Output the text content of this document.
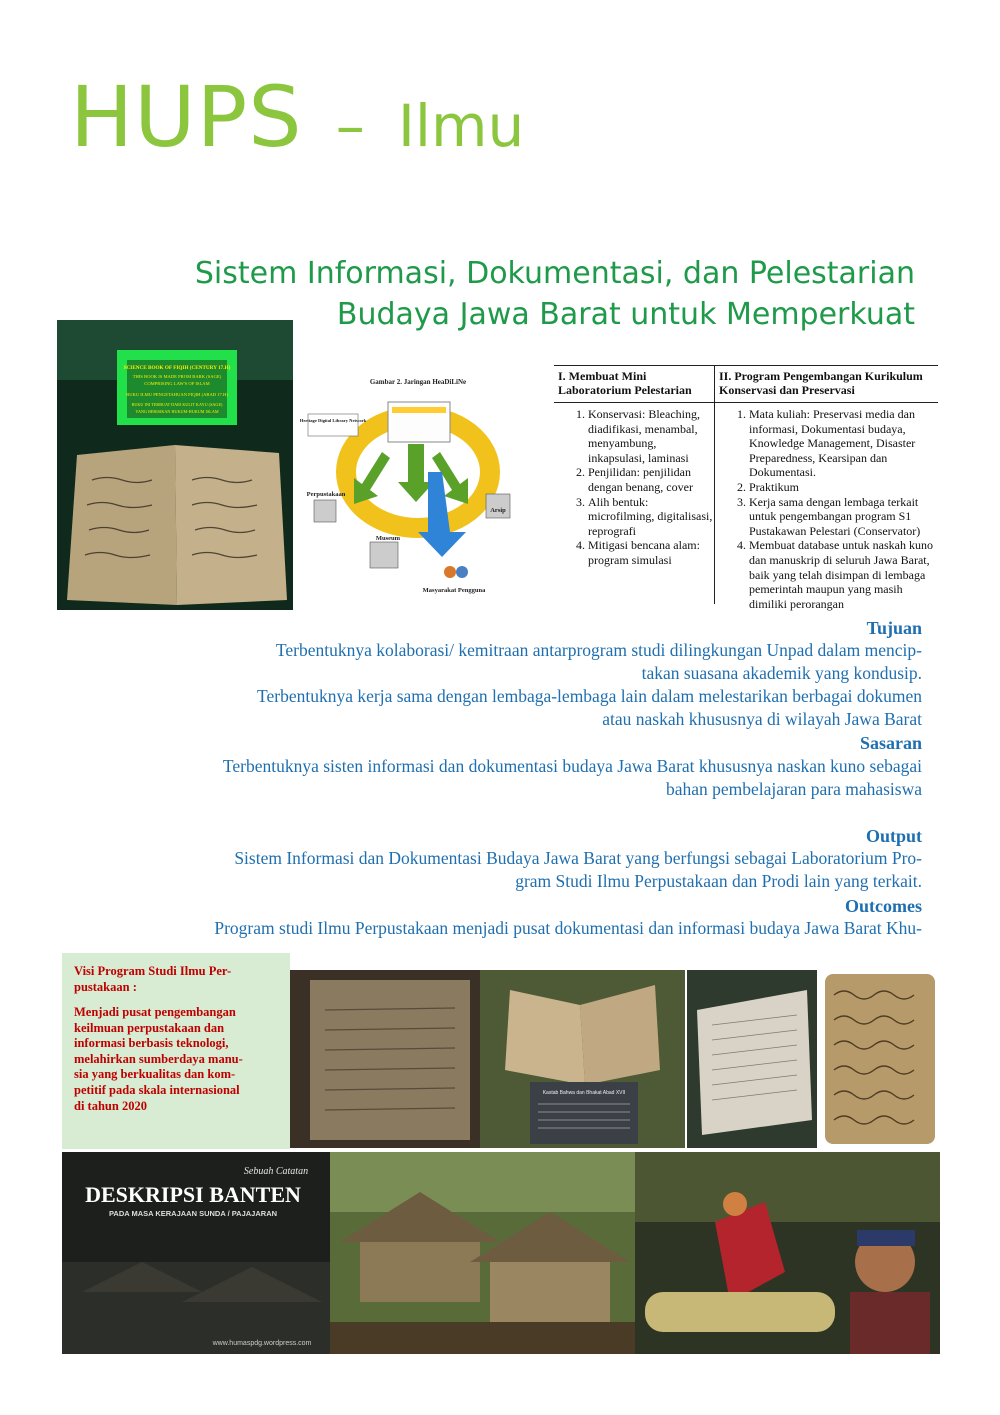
HUPS – Ilmu
Sistem Informasi, Dokumentasi, dan Pelestarian
Budaya Jawa Barat untuk Memperkuat
SCIENCE BOOK OF FIQIH (CENTURY 17.H)
THIS BOOK IS MADE FROM BARK (SAGE)
COMPRISING LAW'S OF ISLAM
BUKU ILMU PENGETAHUAN FIQIH (ABAD 17.H)
BUKU INI TERBUAT DARI KULIT KAYU (SAGE)
YANG BERISIKAN HUKUM-HUKUM ISLAM
Gambar 2. Jaringan HeaDiLiNe
Heritage Digital Library Network
Perpustakaan
Arsip
Museum
Masyarakat Pengguna
I. Membuat Mini Laboratorium Pelestarian
1. Konservasi: Bleaching, diadifikasi, menambal, menyambung, inkapsulasi, laminasi
2. Penjilidan: penjilidan dengan benang, cover
3. Alih bentuk: microfilming, digitalisasi, reprografi
4. Mitigasi bencana alam: program simulasi
II. Program Pengembangan Kurikulum Konservasi dan Preservasi
1. Mata kuliah: Preservasi media dan informasi, Dokumentasi budaya, Knowledge Management, Disaster Preparedness, Kearsipan dan Dokumentasi.
2. Praktikum
3. Kerja sama dengan lembaga terkait untuk pengembangan program S1 Pustakawan Pelestari (Conservator)
4. Membuat database untuk naskah kuno dan manuskrip di seluruh Jawa Barat, baik yang telah disimpan di lembaga pemerintah maupun yang masih dimiliki perorangan
Tujuan
Terbentuknya kolaborasi/ kemitraan antarprogram studi dilingkungan Unpad dalam mencip-
takan suasana akademik yang kondusip.
Terbentuknya kerja sama dengan lembaga-lembaga lain dalam melestarikan berbagai dokumen
atau naskah khususnya di wilayah Jawa Barat
Sasaran
Terbentuknya sisten informasi dan dokumentasi budaya Jawa Barat khususnya naskan kuno sebagai
bahan pembelajaran para mahasiswa
Output
Sistem Informasi dan Dokumentasi Budaya Jawa Barat yang berfungsi sebagai Laboratorium Pro-
gram Studi Ilmu Perpustakaan dan Prodi lain yang terkait.
Outcomes
Program studi Ilmu Perpustakaan menjadi pusat dokumentasi dan informasi budaya Jawa Barat Khu-
Visi Program Studi Ilmu Per-
pustakaan :
Menjadi pusat pengembangan
keilmuan perpustakaan dan
informasi berbasis teknologi,
melahirkan sumberdaya manu-
sia yang berkualitas dan kom-
petitif pada skala internasional
di tahun 2020
Kastab Bahwa dan Bhakat Abad XVII
Sebuah Catatan
DESKRIPSI BANTEN
PADA MASA KERAJAAN SUNDA / PAJAJARAN
www.humaspdg.wordpress.com
